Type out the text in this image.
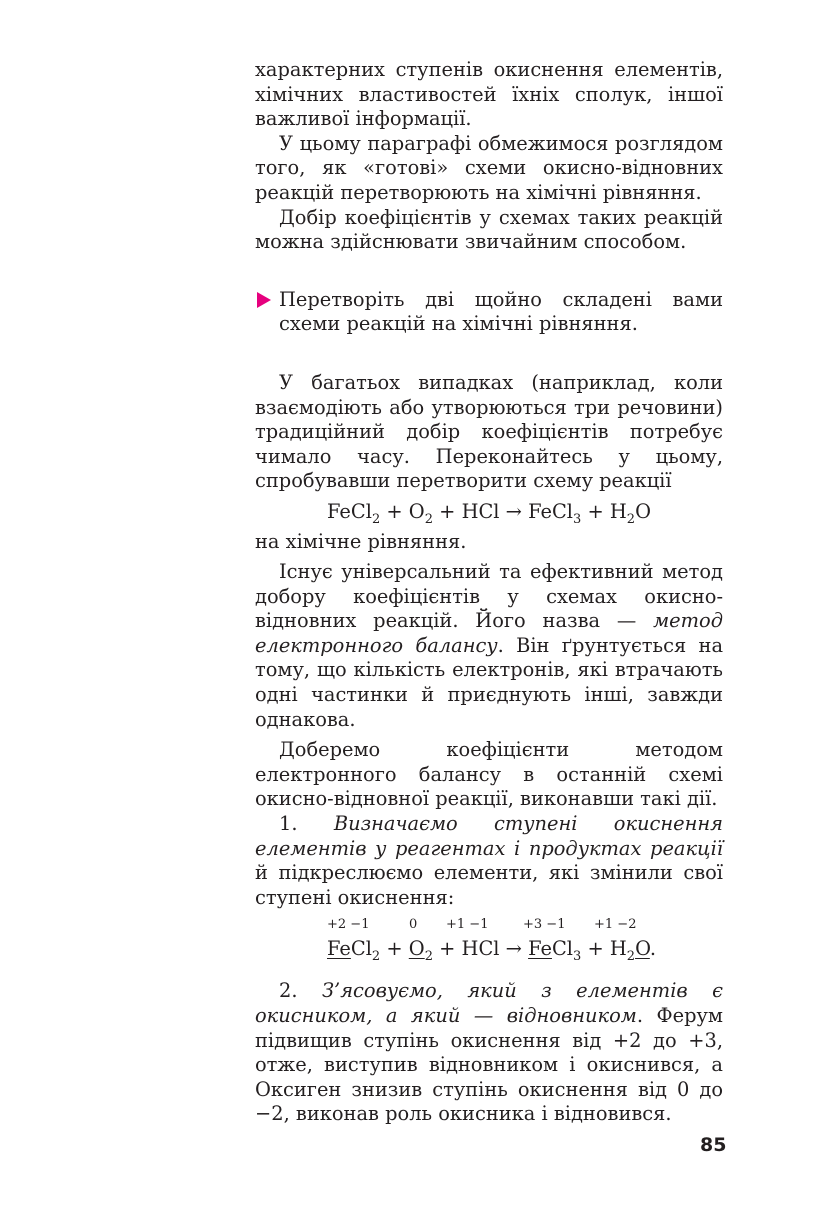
характерних ступенів окиснення елементів, хімічних властивостей їхніх сполук, іншої важливої інформації.

У цьому параграфі обмежимося розглядом того, як «готові» схеми окисно-відновних реакцій перетворюють на хімічні рівняння.

Добір коефіцієнтів у схемах таких реакцій можна здійснювати звичайним способом.

Перетворіть дві щойно складені вами схеми реакцій на хімічні рівняння.

У багатьох випадках (наприклад, коли взаємодіють або утворюються три речовини) традиційний добір коефіцієнтів потребує чимало часу. Переконайтесь у цьому, спробувавши перетворити схему реакції

FeCl$_2$ + $O_2$ + HCl → FeCl$_3$ + $H_2O$

на хімічне рівняння.

Існує універсальний та ефективний метод добору коефіцієнтів у схемах окисно-відновних реакцій. Його назва — метод електронного балансу. Він ґрунтується на тому, що кількість електронів, які втрачають одні частинки й приєднують інші, завжди однакова.

Доберемо коефіцієнти методом електронного балансу в останній схемі окисно-відновної реакції, виконавши такі дії.

1. Визначаємо ступені окиснення елементів у реагентах і продуктах реакції й підкреслюємо елементи, які змінили свої ступені окиснення:

+2 −1	0 +1 −1	+3 −1 +1 −2
FeCl$_2$ + $O_2$ + HCl → FeCl$_3$ + $H_2O$.

2. З’ясовуємо, який з елементів є окисником, а який — відновником. Ферум підвищив ступінь окиснення від +2 до +3, отже, виступив відновником і окиснився, а Оксиген знизив ступінь окиснення від 0 до −2, виконав роль окисника і відновився.

85
